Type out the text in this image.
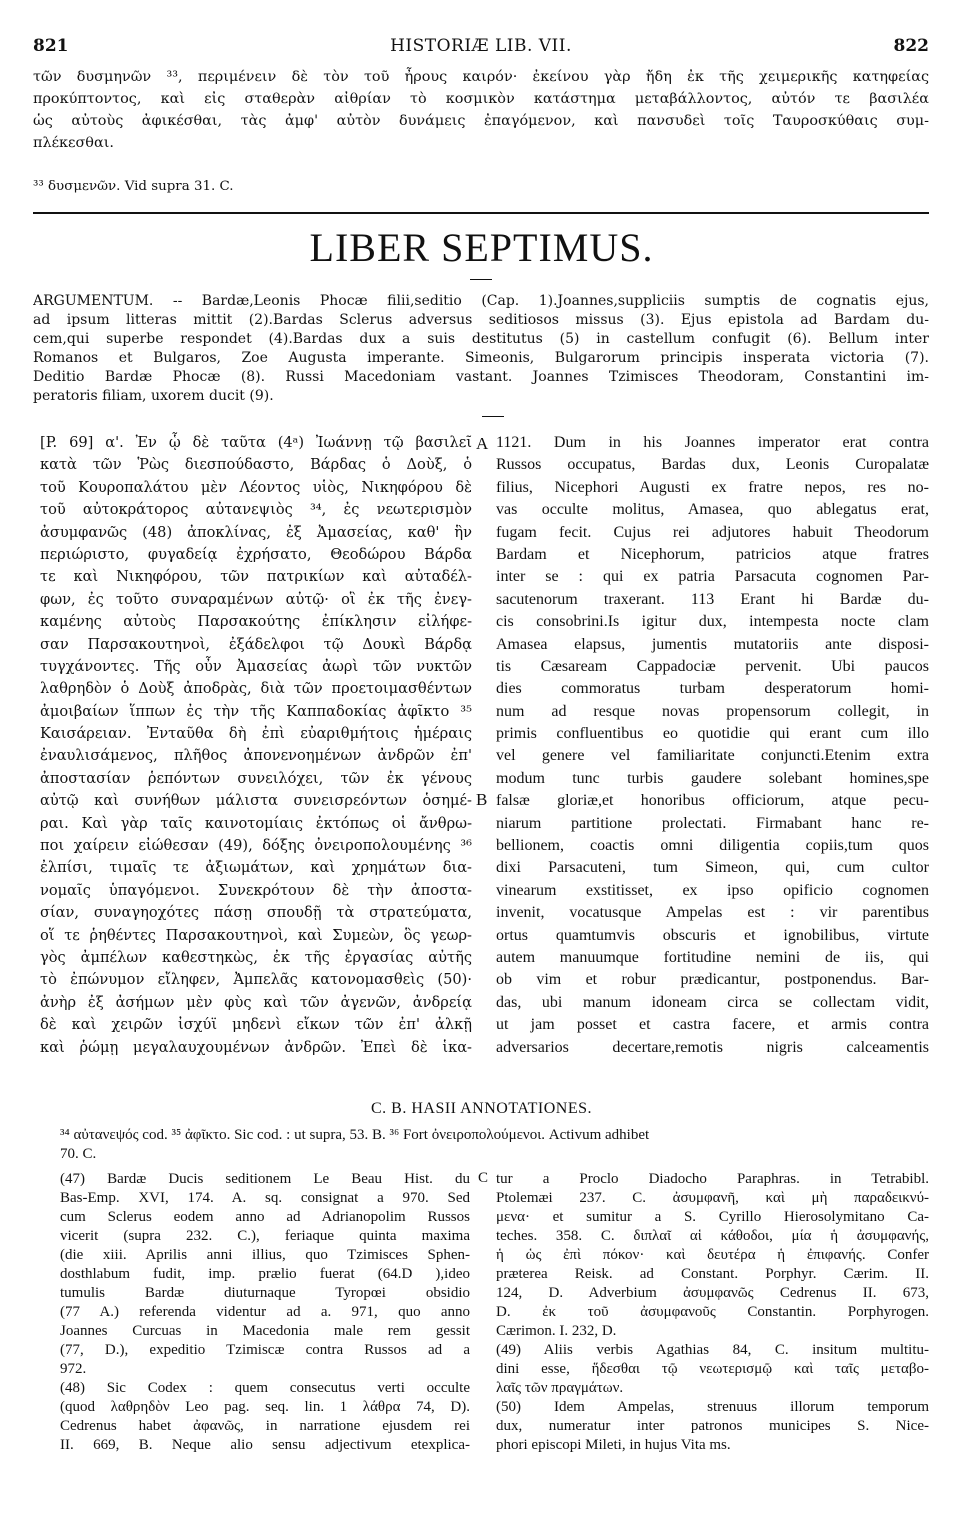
821	HISTORIÆ LIB. VII.	822
τῶν δυσμηνῶν ³³, περιμένειν δὲ τὸν τοῦ ἦρους καιρόν· ἐκείνου γὰρ ἤδη ἐκ τῆς χειμερικῆς κατηφείας
προκύπτοντος, καὶ εἰς σταθερὰν αἰθρίαν τὸ κοσμικὸν κατάστημα μεταβάλλοντος, αὐτόν τε βασιλέα
ὡς αὐτοὺς ἀφικέσθαι, τὰς ἀμφ' αὐτὸν δυνάμεις ἐπαγόμενον, καὶ πανσυδεὶ τοῖς Ταυροσκύθαις συμ-
πλέκεσθαι.
³³ δυσμενῶν. Vid supra 31. C.
LIBER SEPTIMUS.
ARGUMENTUM. -- Bardæ,Leonis Phocæ filii,seditio (Cap. 1).Joannes,suppliciis sumptis de cognatis ejus,
ad ipsum litteras mittit (2).Bardas Sclerus adversus seditiosos missus (3). Ejus epistola ad Bardam du-
cem,qui superbe respondet (4).Bardas dux a suis destitutus (5) in castellum confugit (6). Bellum inter
Romanos et Bulgaros, Zoe Augusta imperante. Simeonis, Bulgarorum principis insperata victoria (7).
Deditio Bardæ Phocæ (8). Russi Macedoniam vastant. Joannes Tzimisces Theodoram, Constantini im-
peratoris filiam, uxorem ducit (9).
[P. 69] α'. Ἐν ᾧ δὲ ταῦτα (4ᵃ) Ἰωάννῃ τῷ βασιλεῖ
κατὰ τῶν Ῥὼς διεσπούδαστο, Βάρδας ὁ Δοὺξ, ὁ
τοῦ Κουροπαλάτου μὲν Λέοντος υἱὸς, Νικηφόρου δὲ
τοῦ αὐτοκράτορος αὐτανεψιὸς ³⁴, ἐς νεωτερισμὸν
ἀσυμφανῶς (48) ἀποκλίνας, ἐξ Ἀμασείας, καθ' ἣν
περιώριστο, φυγαδείᾳ ἐχρήσατο, Θεοδώρου Βάρδα
τε καὶ Νικηφόρου, τῶν πατρικίων καὶ αὐταδέλ-
φων, ἐς τοῦτο συναραμένων αὐτῷ· οἳ ἐκ τῆς ἐνεγ-
καμένης αὐτοὺς Παρσακούτης ἐπίκλησιν εἰλήφε-
σαν Παρσακουτηνοὶ, ἐξάδελφοι τῷ Δουκὶ Βάρδᾳ
τυγχάνοντες. Τῆς οὖν Ἀμασείας ἀωρὶ τῶν νυκτῶν
λαθρηδὸν ὁ Δοὺξ ἀποδρὰς, διὰ τῶν προετοιμασθέντων
ἀμοιβαίων ἵππων ἐς τὴν τῆς Καππαδοκίας ἀφῖκτο ³⁵
Καισάρειαν. Ἐνταῦθα δὴ ἐπὶ εὐαριθμήτοις ἡμέραις
ἐναυλισάμενος, πλῆθος ἀπονενοημένων ἀνδρῶν ἐπ'
ἀποστασίαν ῥεπόντων συνειλόχει, τῶν ἐκ γένους
αὐτῷ καὶ συνήθων μάλιστα συνεισρεόντων ὁσημέ-
ραι. Καὶ γὰρ ταῖς καινοτομίαις ἐκτόπως οἱ ἄνθρω-
ποι χαίρειν εἰώθεσαν (49), δόξης ὀνειροπολουμένης ³⁶
ἐλπίσι, τιμαῖς τε ἀξιωμάτων, καὶ χρημάτων δια-
νομαῖς ὑπαγόμενοι. Συνεκρότουν δὲ τὴν ἀποστα-
σίαν, συναγηοχότες πάσῃ σπουδῇ τὰ στρατεύματα,
οἵ τε ῥηθέντες Παρσακουτηνοὶ, καὶ Συμεὼν, ὃς γεωρ-
γὸς ἀμπέλων καθεστηκὼς, ἐκ τῆς ἐργασίας αὐτῆς
τὸ ἐπώνυμον εἴληφεν, Ἀμπελᾶς κατονομασθεὶς (50)·
ἀνὴρ ἐξ ἀσήμων μὲν φὺς καὶ τῶν ἀγενῶν, ἀνδρείᾳ
δὲ καὶ χειρῶν ἰσχύϊ μηδενὶ εἴκων τῶν ἐπ' ἀλκῇ
καὶ ῥώμῃ μεγαλαυχουμένων ἀνδρῶν. Ἐπεὶ δὲ ἱκα-
A
B
1121. Dum in his Joannes imperator erat contra
Russos occupatus, Bardas dux, Leonis Curopalatæ
filius, Nicephori Augusti ex fratre nepos, res no-
vas occulte molitus, Amasea, quo ablegatus erat,
fugam fecit. Cujus rei adjutores habuit Theodorum
Bardam et Nicephorum, patricios atque fratres
inter se : qui ex patria Parsacuta cognomen Par-
sacutenorum traxerant. 113 Erant hi Bardæ du-
cis consobrini.Is igitur dux, intempesta nocte clam
Amasea elapsus, jumentis mutatoriis ante disposi-
tis Cæsaream Cappadociæ pervenit. Ubi paucos
dies commoratus turbam desperatorum homi-
num ad resque novas propensorum collegit, in
primis confluentibus eo quotidie qui erant cum illo
vel genere vel familiaritate conjuncti.Etenim extra
modum tunc turbis gaudere solebant homines,spe
falsæ gloriæ,et honoribus officiorum, atque pecu-
niarum partitione prolectati. Firmabant hanc re-
bellionem, coactis omni diligentia copiis,tum quos
dixi Parsacuteni, tum Simeon, qui, cum cultor
vinearum exstitisset, ex ipso opificio cognomen
invenit, vocatusque Ampelas est : vir parentibus
ortus quamtumvis obscuris et ignobilibus, virtute
autem manuumque fortitudine nemini de iis, qui
ob vim et robur prædicantur, postponendus. Bar-
das, ubi manum idoneam circa se collectam vidit,
ut jam posset et castra facere, et armis contra
adversarios decertare,remotis nigris calceamentis
C. B. HASII ANNOTATIONES.
³⁴ αὐτανεψός cod. ³⁵ ἀφῖκτο. Sic cod. : ut supra, 53. B. ³⁶ Fort ὀνειροπολούμενοι. Activum adhibet
70. C.
(47) Bardæ Ducis seditionem Le Beau Hist. du
Bas-Emp. XVI, 174. A. sq. consignat a 970. Sed
cum Sclerus eodem anno ad Adrianopolim Russos
vicerit (supra 232. C.), feriaque quinta maxima
(die xiii. Aprilis anni illius, quo Tzimisces Sphen-
dosthlabum fudit, imp. prælio fuerat (64.D ),ideo
tumulis Bardæ diuturnaque Tyropœi obsidio
(77 A.) referenda videntur ad a. 971, quo anno
Joannes Curcuas in Macedonia male rem gessit
(77, D.), expeditio Tzimiscæ contra Russos ad a
972.
(48) Sic Codex : quem consecutus verti occulte
(quod λαθρηδὸν Leo pag. seq. lin. 1 λάθρα 74, D).
Cedrenus habet ἀφανῶς, in narratione ejusdem rei
II. 669, B. Neque alio sensu adjectivum etexplica-
C tur a Proclo Diadocho Paraphras. in Tetrabibl.
Ptolemæi 237. C. ἀσυμφανῆ, καὶ μὴ παραδεικνύ-
μενα· et sumitur a S. Cyrillo Hierosolymitano Ca-
teches. 358. C. διπλαῖ αἱ κάθοδοι, μία ἡ ἀσυμφανής,
ἡ ὡς ἐπὶ πόκον· καὶ δευτέρα ἡ ἐπιφανής. Confer
præterea Reisk. ad Constant. Porphyr. Cærim. II.
124, D. Adverbium ἀσυμφανῶς Cedrenus II. 673,
D. ἐκ τοῦ ἀσυμφανοῦς Constantin. Porphyrogen.
Cærimon. I. 232, D.
(49) Aliis verbis Agathias 84, C. insitum multitu-
dini esse, ἥδεσθαι τῷ νεωτερισμῷ καὶ ταῖς μεταβο-
λαῖς τῶν πραγμάτων.
(50) Idem Ampelas, strenuus illorum temporum
dux, numeratur inter patronos municipes S. Nice-
phori episcopi Mileti, in hujus Vita ms.
